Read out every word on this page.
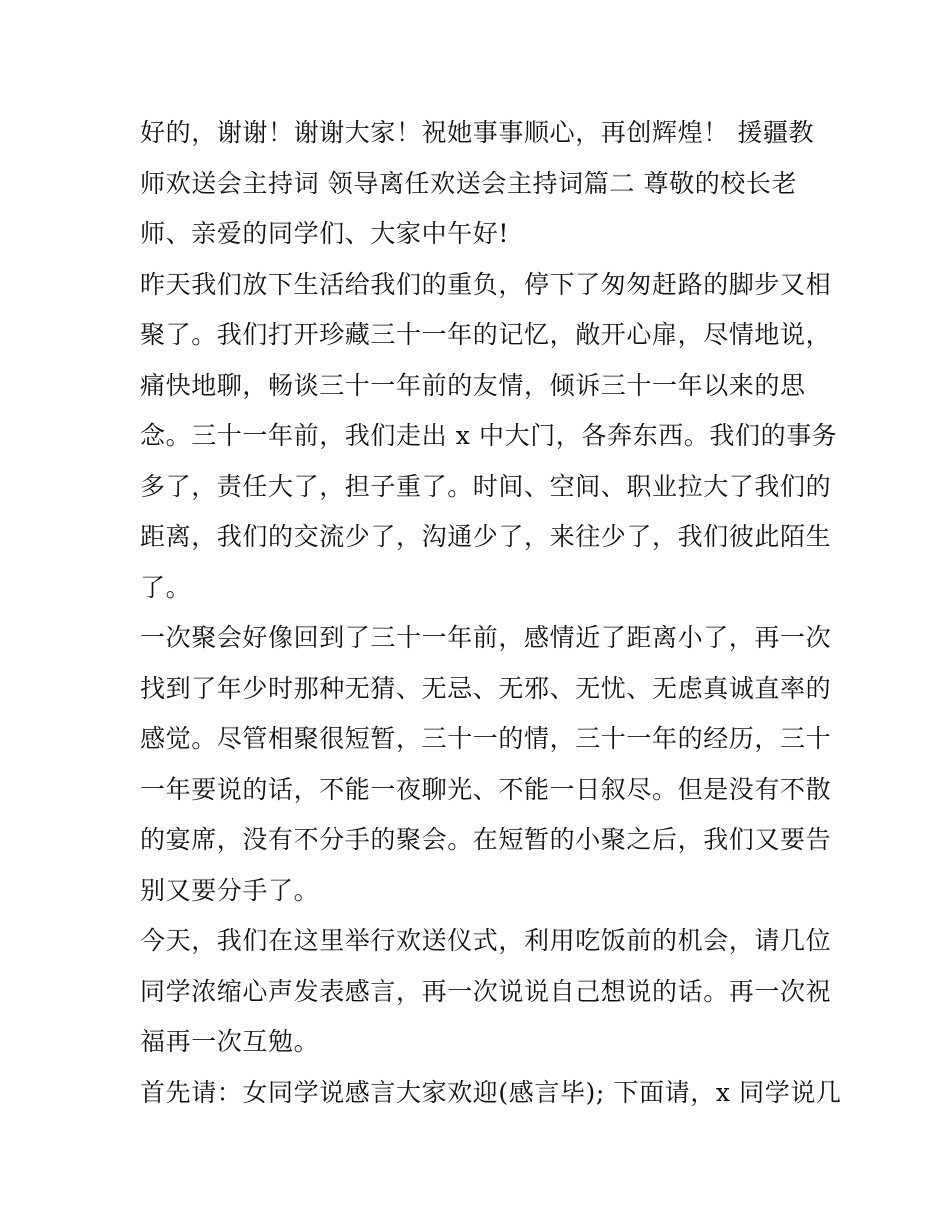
好的，谢谢！谢谢大家！祝她事事顺心，再创辉煌！ 援疆教
师欢送会主持词 领导离任欢送会主持词篇二 尊敬的校长老
师、亲爱的同学们、大家中午好!
昨天我们放下生活给我们的重负，停下了匆匆赶路的脚步又相
聚了。我们打开珍藏三十一年的记忆，敞开心扉，尽情地说，
痛快地聊，畅谈三十一年前的友情，倾诉三十一年以来的思
念。三十一年前，我们走出 x 中大门，各奔东西。我们的事务
多了，责任大了，担子重了。时间、空间、职业拉大了我们的
距离，我们的交流少了，沟通少了，来往少了，我们彼此陌生
了。
一次聚会好像回到了三十一年前，感情近了距离小了，再一次
找到了年少时那种无猜、无忌、无邪、无忧、无虑真诚直率的
感觉。尽管相聚很短暂，三十一的情，三十一年的经历，三十
一年要说的话，不能一夜聊光、不能一日叙尽。但是没有不散
的宴席，没有不分手的聚会。在短暂的小聚之后，我们又要告
别又要分手了。
今天，我们在这里举行欢送仪式，利用吃饭前的机会，请几位
同学浓缩心声发表感言，再一次说说自己想说的话。再一次祝
福再一次互勉。
首先请：女同学说感言大家欢迎(感言毕); 下面请，x 同学说几
